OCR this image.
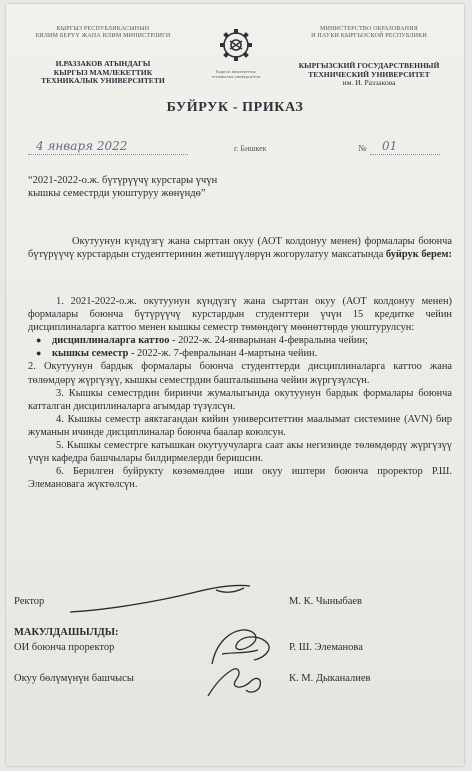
КЫРГЫЗ РЕСПУБЛИКАСЫНЫН
БИЛИМ БЕРҮҮ ЖАНА ИЛИМ МИНИСТРЛИГИ
И.РАЗЗАКОВ АТЫНДАГЫ
КЫРГЫЗ МАМЛЕКЕТТИК
ТЕХНИКАЛЫК УНИВЕРСИТЕТИ
Кыргыз мамлекеттик техникалык университети
МИНИСТЕРСТВО ОБРАЗОВАНИЯ
И НАУКИ КЫРГЫЗСКОЙ РЕСПУБЛИКИ
КЫРГЫЗСКИЙ ГОСУДАРСТВЕННЫЙ
ТЕХНИЧЕСКИЙ УНИВЕРСИТЕТ
им. И. Раззакова
БУЙРУК - ПРИКАЗ
4 января 2022	г. Бишкек	№ 01
“2021-2022-о.ж. бүтүрүүчү курстары үчүн
кышкы семестрди уюштуруу жөнүндө”

Окутуунун күндүзгү жана сырттан окуу (АОТ колдонуу менен) формалары боюнча бүтүрүүчү курстардын студенттеринин жетишүүлөрүн жогорулатуу максатында буйрук берем:

1. 2021-2022-о.ж. окутуунун күндүзгү жана сырттан окуу (АОТ колдонуу менен) формалары боюнча бүтүрүүчү курстардын студенттери үчүн 15 кредитке чейин дисциплиналарга каттоо менен кышкы семестр төмөндөгү мөөнөттөрдө уюштурулсун:

● дисциплиналарга каттоо - 2022-ж. 24-январынан 4-февралына чейин;
● кышкы семестр - 2022-ж. 7-февралынан 4-мартына чейин.

2. Окутуунун бардык формалары боюнча студенттерди дисциплиналарга каттоо жана төлөмдөрү жүргүзүү, кышкы семестрдин башталышына чейин жүргүзүлсүн.

3. Кышкы семестрдин биринчи жумалыгында окутуунун бардык формалары боюнча катталган дисциплиналарга агымдар түзүлсүн.

4. Кышкы семестр аяктагандан кийин университеттин маалымат системине (AVN) бир жуманын ичинде дисциплиналар боюнча баалар коюлсун.

5. Кышкы семестрге катышкан окутуучуларга саат акы негизинде төлөмдөрдү жүргүзүү үчүн кафедра башчылары билдирмелерди беришсин.

6. Берилген буйрукту көзөмөлдөө иши окуу иштери боюнча проректор Р.Ш. Элемановага жүктөлсүн.

Ректор	М. К. Чыныбаев
МАКУЛДАШЫЛДЫ:
ОИ боюнча проректор	Р. Ш. Элеманова
Окуу бөлүмүнүн башчысы	К. М. Дыканалиев
